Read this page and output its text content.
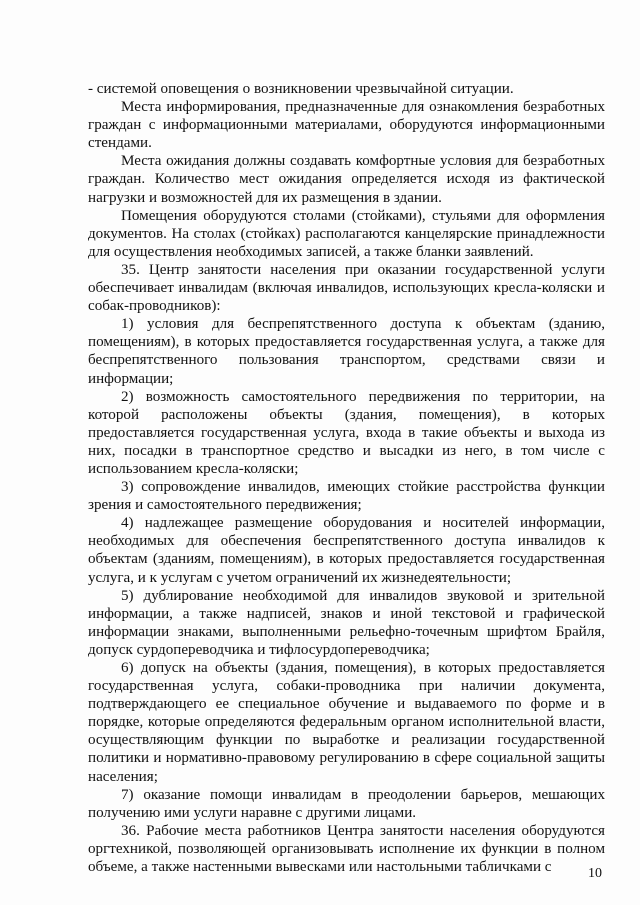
- системой оповещения о возникновении чрезвычайной ситуации.

Места информирования, предназначенные для ознакомления безработных граждан с информационными материалами, оборудуются информационными стендами.

Места ожидания должны создавать комфортные условия для безработных граждан. Количество мест ожидания определяется исходя из фактической нагрузки и возможностей для их размещения в здании.

Помещения оборудуются столами (стойками), стульями для оформления документов. На столах (стойках) располагаются канцелярские принадлежности для осуществления необходимых записей, а также бланки заявлений.

35. Центр занятости населения при оказании государственной услуги обеспечивает инвалидам (включая инвалидов, использующих кресла-коляски и собак-проводников):

1) условия для беспрепятственного доступа к объектам (зданию, помещениям), в которых предоставляется государственная услуга, а также для беспрепятственного пользования транспортом, средствами связи и информации;

2) возможность самостоятельного передвижения по территории, на которой расположены объекты (здания, помещения), в которых предоставляется государственная услуга, входа в такие объекты и выхода из них, посадки в транспортное средство и высадки из него, в том числе с использованием кресла-коляски;

3) сопровождение инвалидов, имеющих стойкие расстройства функции зрения и самостоятельного передвижения;

4) надлежащее размещение оборудования и носителей информации, необходимых для обеспечения беспрепятственного доступа инвалидов к объектам (зданиям, помещениям), в которых предоставляется государственная услуга, и к услугам с учетом ограничений их жизнедеятельности;

5) дублирование необходимой для инвалидов звуковой и зрительной информации, а также надписей, знаков и иной текстовой и графической информации знаками, выполненными рельефно-точечным шрифтом Брайля, допуск сурдопереводчика и тифлосурдопереводчика;

6) допуск на объекты (здания, помещения), в которых предоставляется государственная услуга, собаки-проводника при наличии документа, подтверждающего ее специальное обучение и выдаваемого по форме и в порядке, которые определяются федеральным органом исполнительной власти, осуществляющим функции по выработке и реализации государственной политики и нормативно-правовому регулированию в сфере социальной защиты населения;

7) оказание помощи инвалидам в преодолении барьеров, мешающих получению ими услуги наравне с другими лицами.

36. Рабочие места работников Центра занятости населения оборудуются оргтехникой, позволяющей организовывать исполнение их функции в полном объеме, а также настенными вывесками или настольными табличками с	10
